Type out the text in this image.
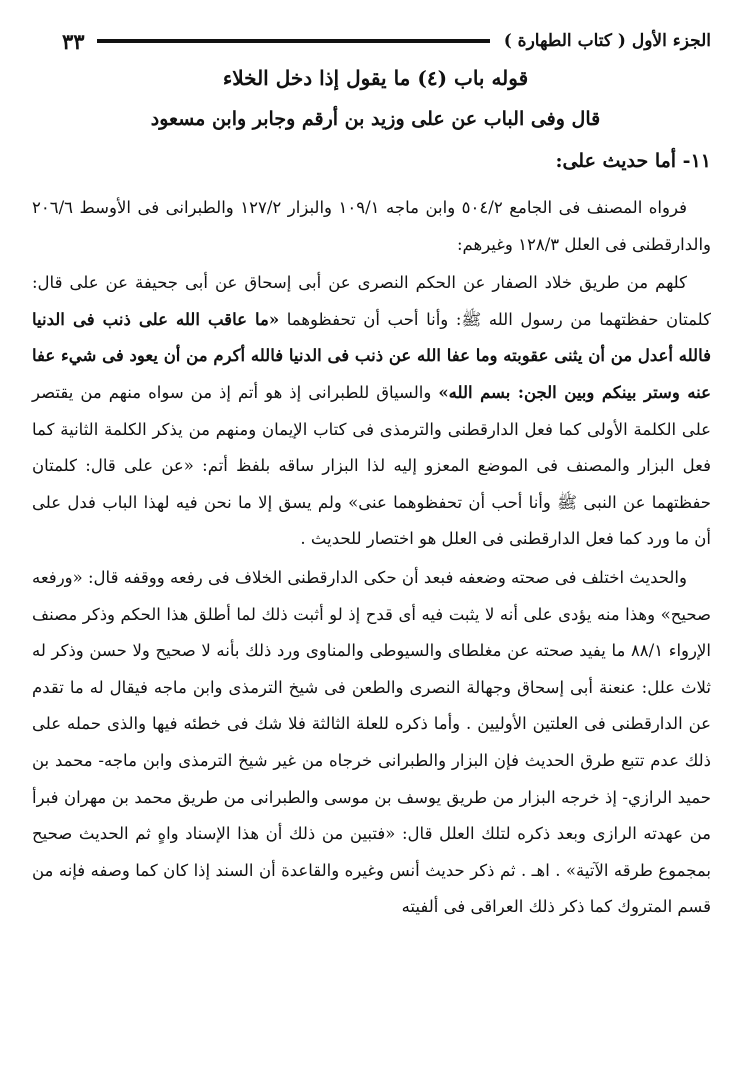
الجزء الأول ( كتاب الطهارة )
٣٣
قوله باب (٤) ما يقول إذا دخل الخلاء
قال وفى الباب عن على وزيد بن أرقم وجابر وابن مسعود
١١- أما حديث على:

فرواه المصنف فى الجامع ٥٠٤/٢ وابن ماجه ١٠٩/١ والبزار ١٢٧/٢ والطبرانى فى الأوسط ٢٠٦/٦ والدارقطنى فى العلل ١٢٨/٣ وغيرهم:

كلهم من طريق خلاد الصفار عن الحكم النصرى عن أبى إسحاق عن أبى جحيفة عن على قال: كلمتان حفظتهما من رسول الله ﷺ: وأنا أحب أن تحفظوهما «ما عاقب الله على ذنب فى الدنيا فالله أعدل من أن يثنى عقوبته وما عفا الله عن ذنب فى الدنيا فالله أكرم من أن يعود فى شيء عفا عنه وستر بينكم وبين الجن: بسم الله» والسياق للطبرانى إذ هو أتم إذ من سواه منهم من يقتصر على الكلمة الأولى كما فعل الدارقطنى والترمذى فى كتاب الإيمان ومنهم من يذكر الكلمة الثانية كما فعل البزار والمصنف فى الموضع المعزو إليه لذا البزار ساقه بلفظ أتم: «عن على قال: كلمتان حفظتهما عن النبى ﷺ وأنا أحب أن تحفظوهما عنى» ولم يسق إلا ما نحن فيه لهذا الباب فدل على أن ما ورد كما فعل الدارقطنى فى العلل هو اختصار للحديث .

والحديث اختلف فى صحته وضعفه فبعد أن حكى الدارقطنى الخلاف فى رفعه ووقفه قال: «ورفعه صحيح» وهذا منه يؤدى على أنه لا يثبت فيه أى قدح إذ لو أثبت ذلك لما أطلق هذا الحكم وذكر مصنف الإرواء ٨٨/١ ما يفيد صحته عن مغلطاى والسيوطى والمناوى ورد ذلك بأنه لا صحيح ولا حسن وذكر له ثلاث علل: عنعنة أبى إسحاق وجهالة النصرى والطعن فى شيخ الترمذى وابن ماجه فيقال له ما تقدم عن الدارقطنى فى العلتين الأوليين . وأما ذكره للعلة الثالثة فلا شك فى خطئه فيها والذى حمله على ذلك عدم تتبع طرق الحديث فإن البزار والطبرانى خرجاه من غير شيخ الترمذى وابن ماجه- محمد بن حميد الرازي- إذ خرجه البزار من طريق يوسف بن موسى والطبرانى من طريق محمد بن مهران فبرأ من عهدته الرازى وبعد ذكره لتلك العلل قال: «فتبين من ذلك أن هذا الإسناد واهٍ ثم الحديث صحيح بمجموع طرقه الآتية» . اهـ . ثم ذكر حديث أنس وغيره والقاعدة أن السند إذا كان كما وصفه فإنه من قسم المتروك كما ذكر ذلك العراقى فى ألفيته
